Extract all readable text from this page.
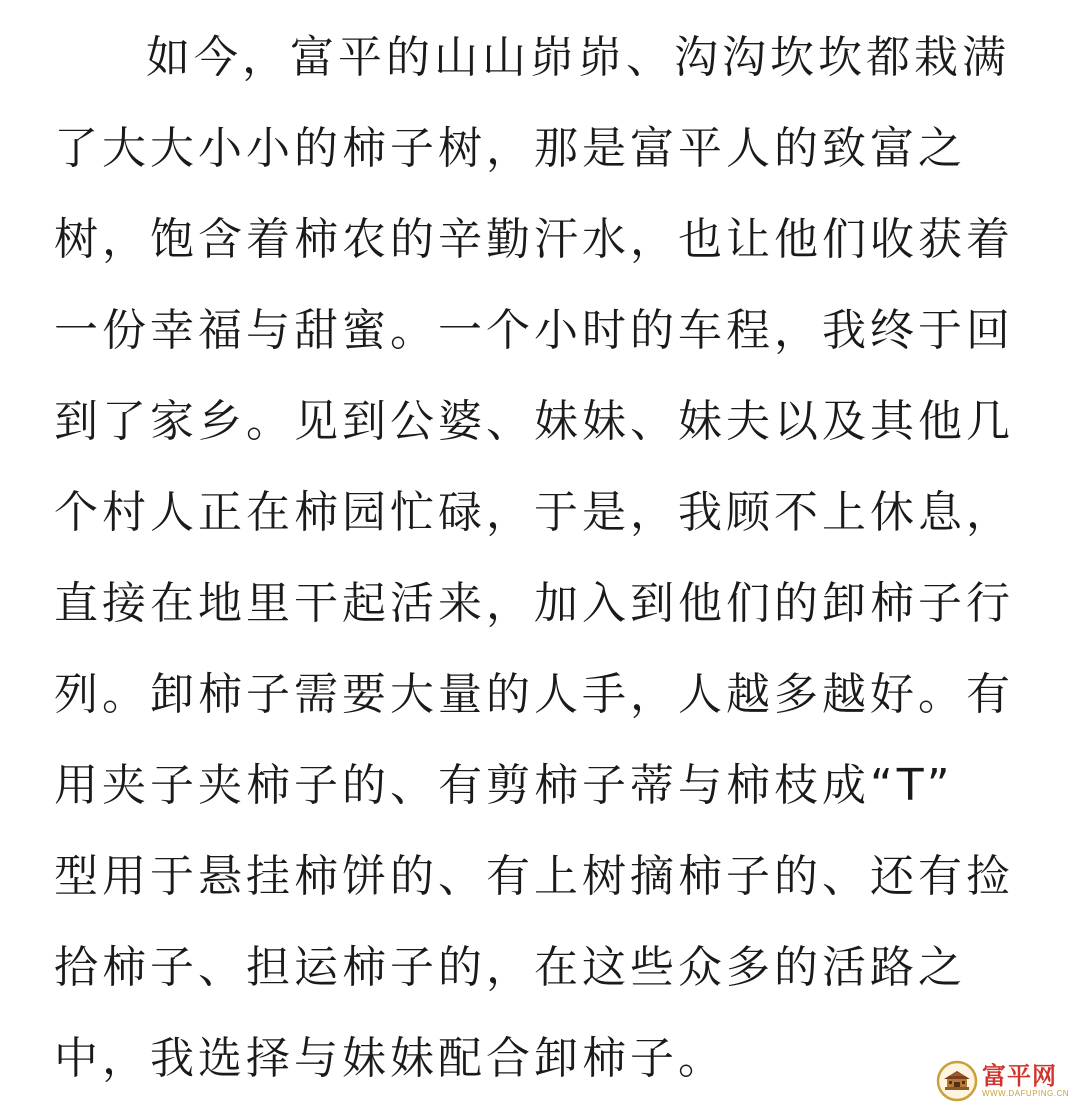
如今，富平的山山峁峁、沟沟坎坎都栽满
了大大小小的柿子树，那是富平人的致富之
树，饱含着柿农的辛勤汗水，也让他们收获着
一份幸福与甜蜜。一个小时的车程，我终于回
到了家乡。见到公婆、妹妹、妹夫以及其他几
个村人正在柿园忙碌，于是，我顾不上休息，
直接在地里干起活来，加入到他们的卸柿子行
列。卸柿子需要大量的人手，人越多越好。有
用夹子夹柿子的、有剪柿子蒂与柿枝成“T”
型用于悬挂柿饼的、有上树摘柿子的、还有捡
拾柿子、担运柿子的，在这些众多的活路之
中，我选择与妹妹配合卸柿子。	富平网
WWW.DAFUPING.CN
